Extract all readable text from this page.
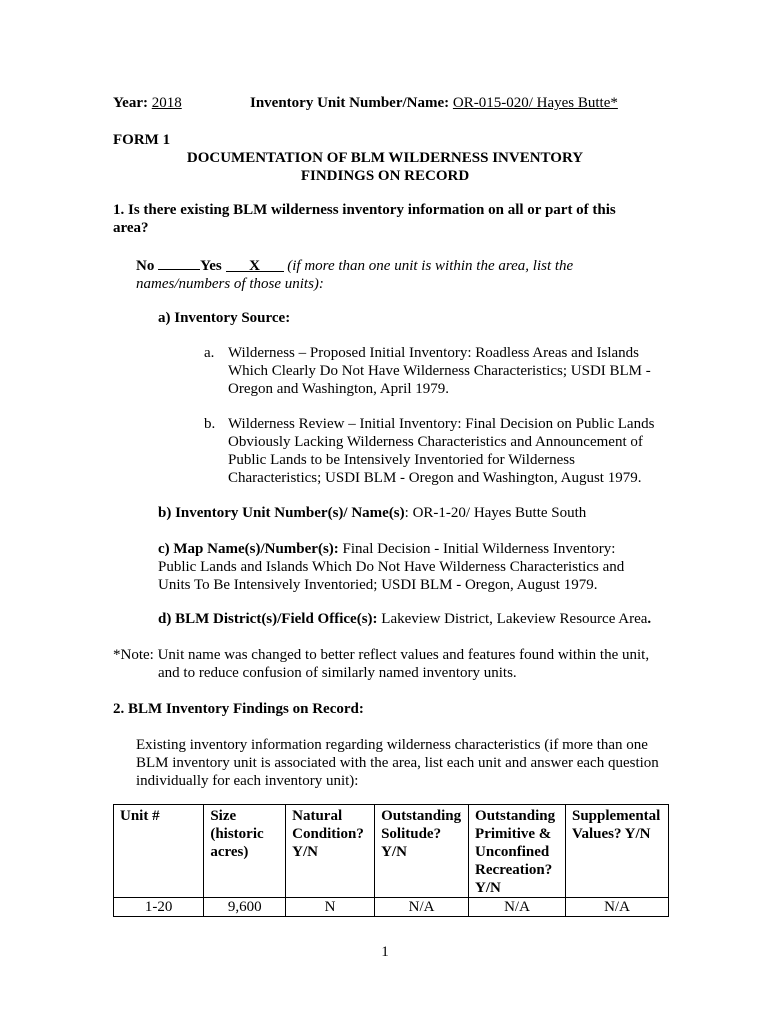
Year: 2018	Inventory Unit Number/Name: OR-015-020/ Hayes Butte*
FORM 1
DOCUMENTATION OF BLM WILDERNESS INVENTORY
FINDINGS ON RECORD
1. Is there existing BLM wilderness inventory information on all or part of this area?
No	Yes X (if more than one unit is within the area, list the names/numbers of those units):
a) Inventory Source:
a. Wilderness – Proposed Initial Inventory: Roadless Areas and Islands Which Clearly Do Not Have Wilderness Characteristics; USDI BLM - Oregon and Washington, April 1979.
b. Wilderness Review – Initial Inventory: Final Decision on Public Lands Obviously Lacking Wilderness Characteristics and Announcement of Public Lands to be Intensively Inventoried for Wilderness Characteristics; USDI BLM - Oregon and Washington, August 1979.
b) Inventory Unit Number(s)/ Name(s): OR-1-20/ Hayes Butte South
c) Map Name(s)/Number(s): Final Decision - Initial Wilderness Inventory: Public Lands and Islands Which Do Not Have Wilderness Characteristics and Units To Be Intensively Inventoried; USDI BLM - Oregon, August 1979.
d) BLM District(s)/Field Office(s): Lakeview District, Lakeview Resource Area.
*Note: Unit name was changed to better reflect values and features found within the unit, and to reduce confusion of similarly named inventory units.
2. BLM Inventory Findings on Record:
Existing inventory information regarding wilderness characteristics (if more than one BLM inventory unit is associated with the area, list each unit and answer each question individually for each inventory unit):
Unit #	Size (historic acres)	Natural Condition? Y/N	Outstanding Solitude? Y/N	Outstanding Primitive & Unconfined Recreation? Y/N	Supplemental Values? Y/N
1-20	9,600	N	N/A	N/A	N/A
1
